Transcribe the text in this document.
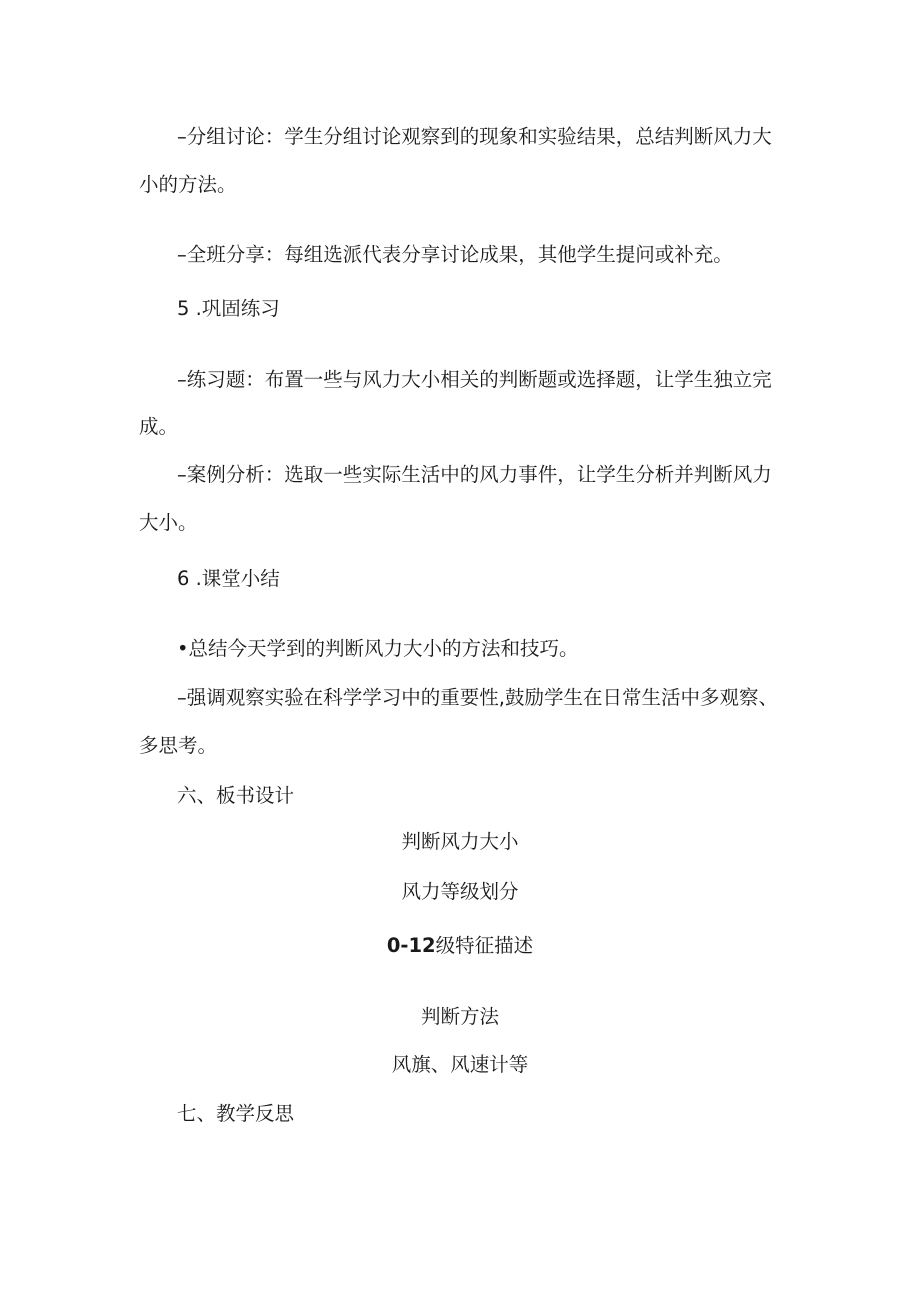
–分组讨论：学生分组讨论观察到的现象和实验结果，总结判断风力大
小的方法。
–全班分享：每组选派代表分享讨论成果，其他学生提问或补充。
5 .巩固练习
–练习题：布置一些与风力大小相关的判断题或选择题，让学生独立完
成。
–案例分析：选取一些实际生活中的风力事件，让学生分析并判断风力
大小。
6 .课堂小结
•总结今天学到的判断风力大小的方法和技巧。
–强调观察实验在科学学习中的重要性,鼓励学生在日常生活中多观察、
多思考。
六、板书设计
判断风力大小
风力等级划分
0-12级特征描述
判断方法
风旗、风速计等
七、教学反思
